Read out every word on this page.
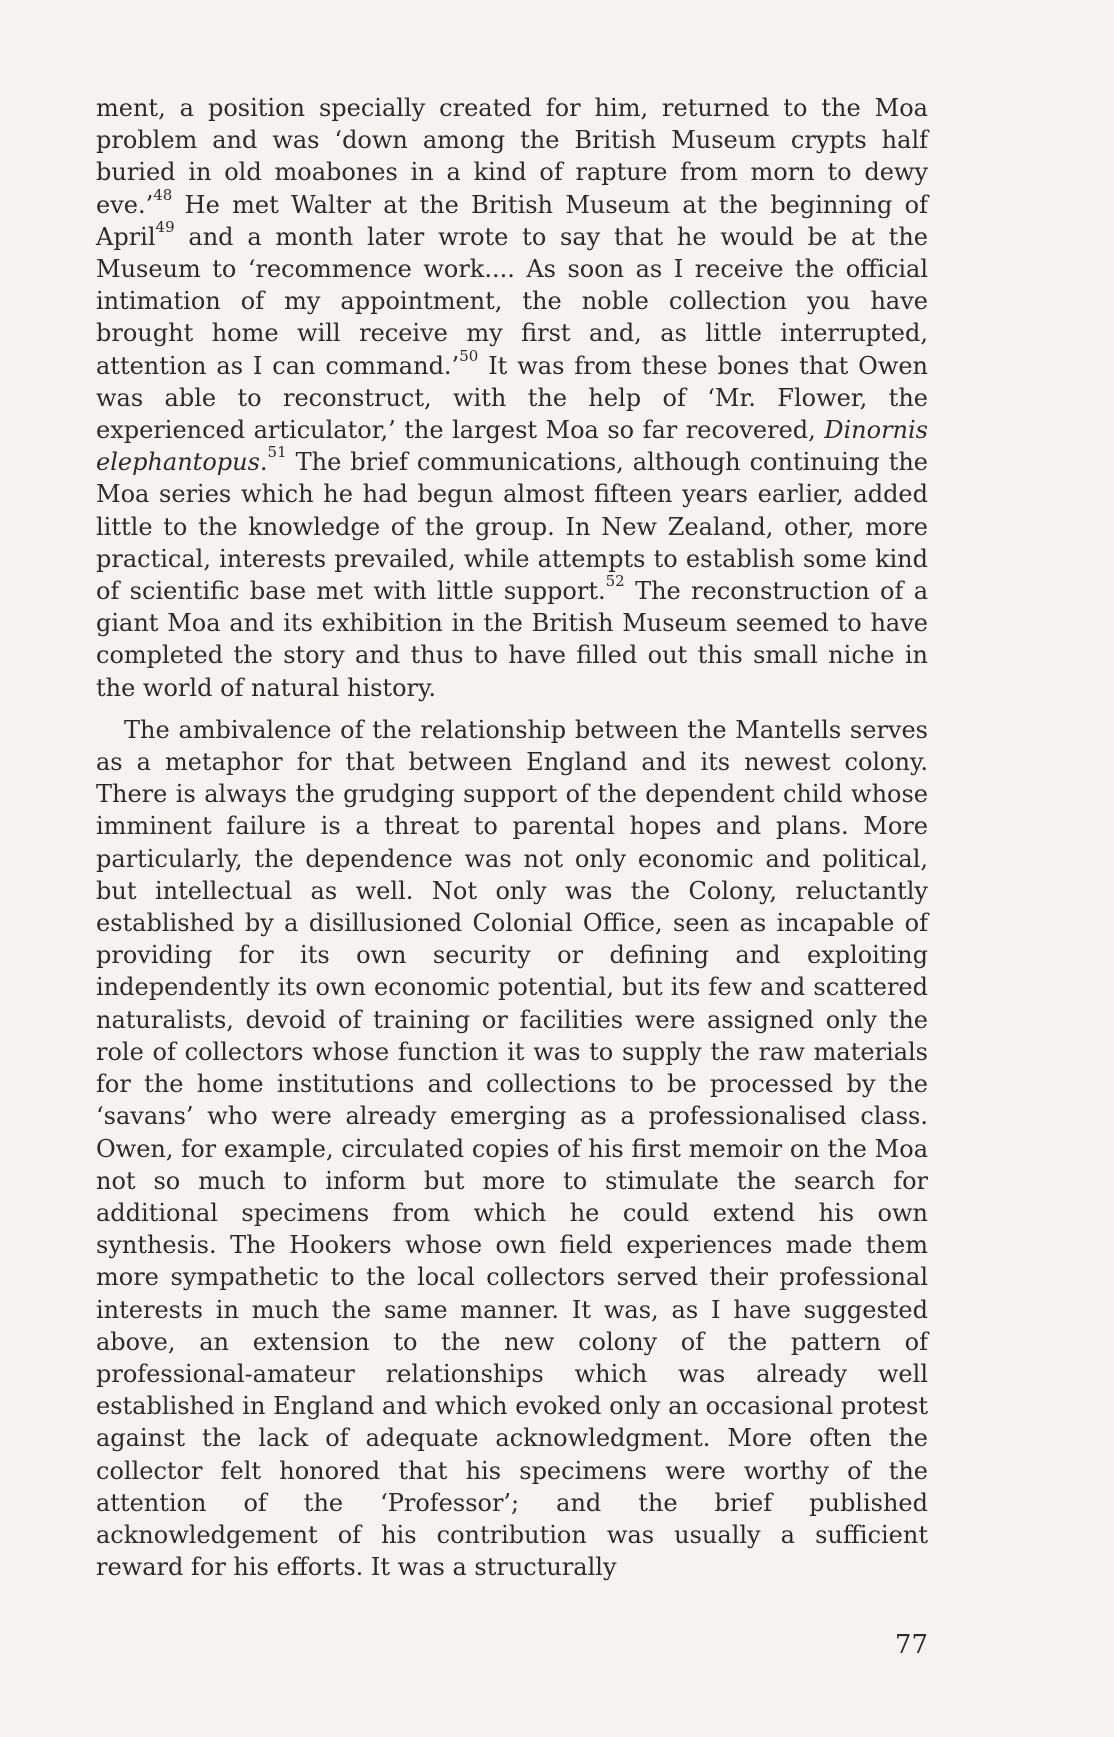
ment, a position specially created for him, returned to the Moa problem and was ‘down among the British Museum crypts half buried in old moabones in a kind of rapture from morn to dewy eve.’$^{48}$ He met Walter at the British Museum at the beginning of April$^{49}$ and a month later wrote to say that he would be at the Museum to ‘recommence work.... As soon as I receive the official intimation of my appointment, the noble collection you have brought home will receive my first and, as little interrupted, attention as I can command.’$^{50}$ It was from these bones that Owen was able to reconstruct, with the help of ‘Mr. Flower, the experienced articulator,’ the largest Moa so far recovered, Dinornis elephantopus.$^{51}$ The brief communications, although continuing the Moa series which he had begun almost fifteen years earlier, added little to the knowledge of the group. In New Zealand, other, more practical, interests prevailed, while attempts to establish some kind of scientific base met with little support.$^{52}$ The reconstruction of a giant Moa and its exhibition in the British Museum seemed to have completed the story and thus to have filled out this small niche in the world of natural history.

The ambivalence of the relationship between the Mantells serves as a metaphor for that between England and its newest colony. There is always the grudging support of the dependent child whose imminent failure is a threat to parental hopes and plans. More particularly, the dependence was not only economic and political, but intellectual as well. Not only was the Colony, reluctantly established by a disillusioned Colonial Office, seen as incapable of providing for its own security or defining and exploiting independently its own economic potential, but its few and scattered naturalists, devoid of training or facilities were assigned only the role of collectors whose function it was to supply the raw materials for the home institutions and collections to be processed by the ‘savans’ who were already emerging as a professionalised class. Owen, for example, circulated copies of his first memoir on the Moa not so much to inform but more to stimulate the search for additional specimens from which he could extend his own synthesis. The Hookers whose own field experiences made them more sympathetic to the local collectors served their professional interests in much the same manner. It was, as I have suggested above, an extension to the new colony of the pattern of professional-amateur relationships which was already well established in England and which evoked only an occasional protest against the lack of adequate acknowledgment. More often the collector felt honored that his specimens were worthy of the attention of the ‘Professor’; and the brief published acknowledgement of his contribution was usually a sufficient reward for his efforts. It was a structurally

77
